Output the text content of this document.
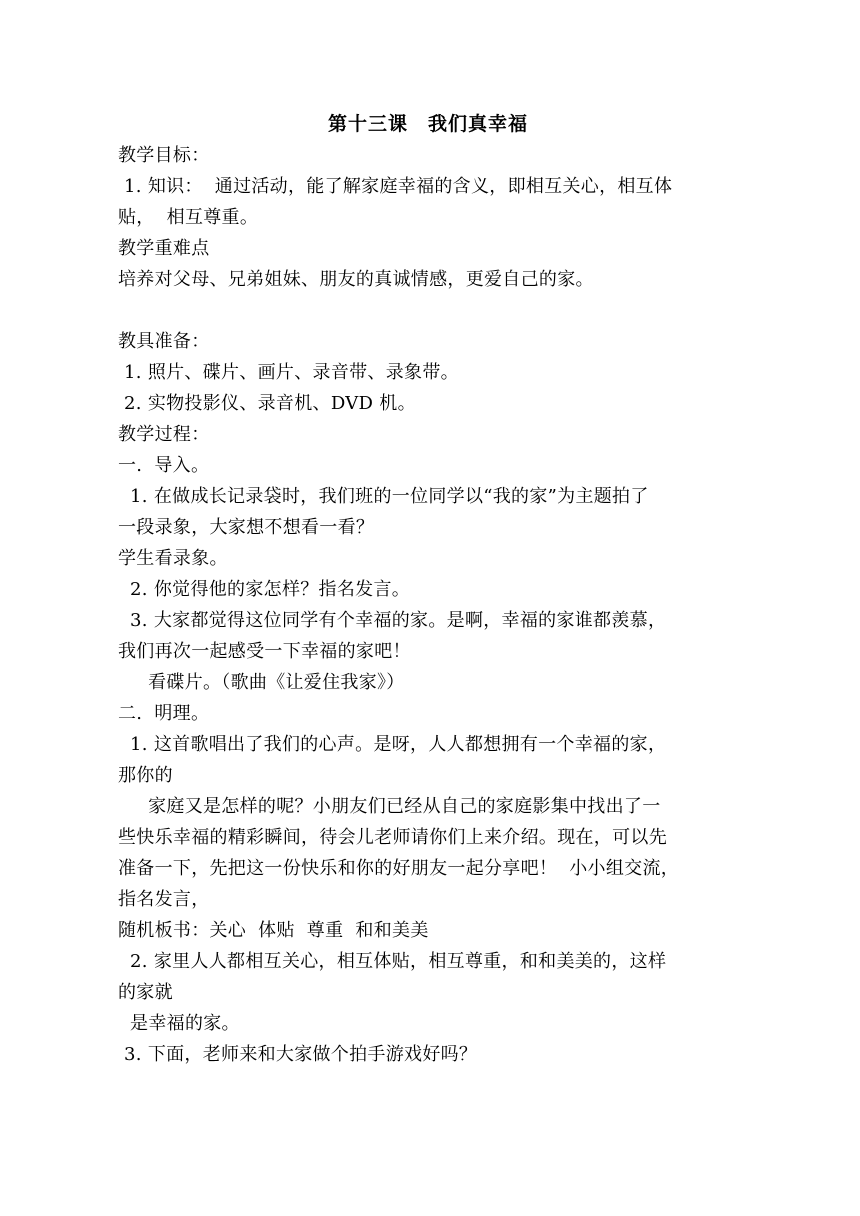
第十三课　我们真幸福

教学目标：

1. 知识：  通过活动，能了解家庭幸福的含义，即相互关心，相互体

贴，  相互尊重。

教学重难点

培养对父母、兄弟姐妹、朋友的真诚情感，更爱自己的家。

教具准备：

1. 照片、碟片、画片、录音带、录象带。

2. 实物投影仪、录音机、DVD 机。

教学过程：

一.  导入。

1. 在做成长记录袋时，我们班的一位同学以“我的家”为主题拍了

一段录象，大家想不想看一看？

学生看录象。

2. 你觉得他的家怎样？指名发言。

3. 大家都觉得这位同学有个幸福的家。是啊，幸福的家谁都羡慕，

我们再次一起感受一下幸福的家吧！

看碟片。（歌曲《让爱住我家》）

二.  明理。

1. 这首歌唱出了我们的心声。是呀，人人都想拥有一个幸福的家，

那你的

家庭又是怎样的呢？小朋友们已经从自己的家庭影集中找出了一

些快乐幸福的精彩瞬间，待会儿老师请你们上来介绍。现在，可以先

准备一下，先把这一份快乐和你的好朋友一起分享吧！  小小组交流，

指名发言，

随机板书：关心  体贴  尊重  和和美美

2. 家里人人都相互关心，相互体贴，相互尊重，和和美美的，这样

的家就

是幸福的家。

3. 下面，老师来和大家做个拍手游戏好吗？
